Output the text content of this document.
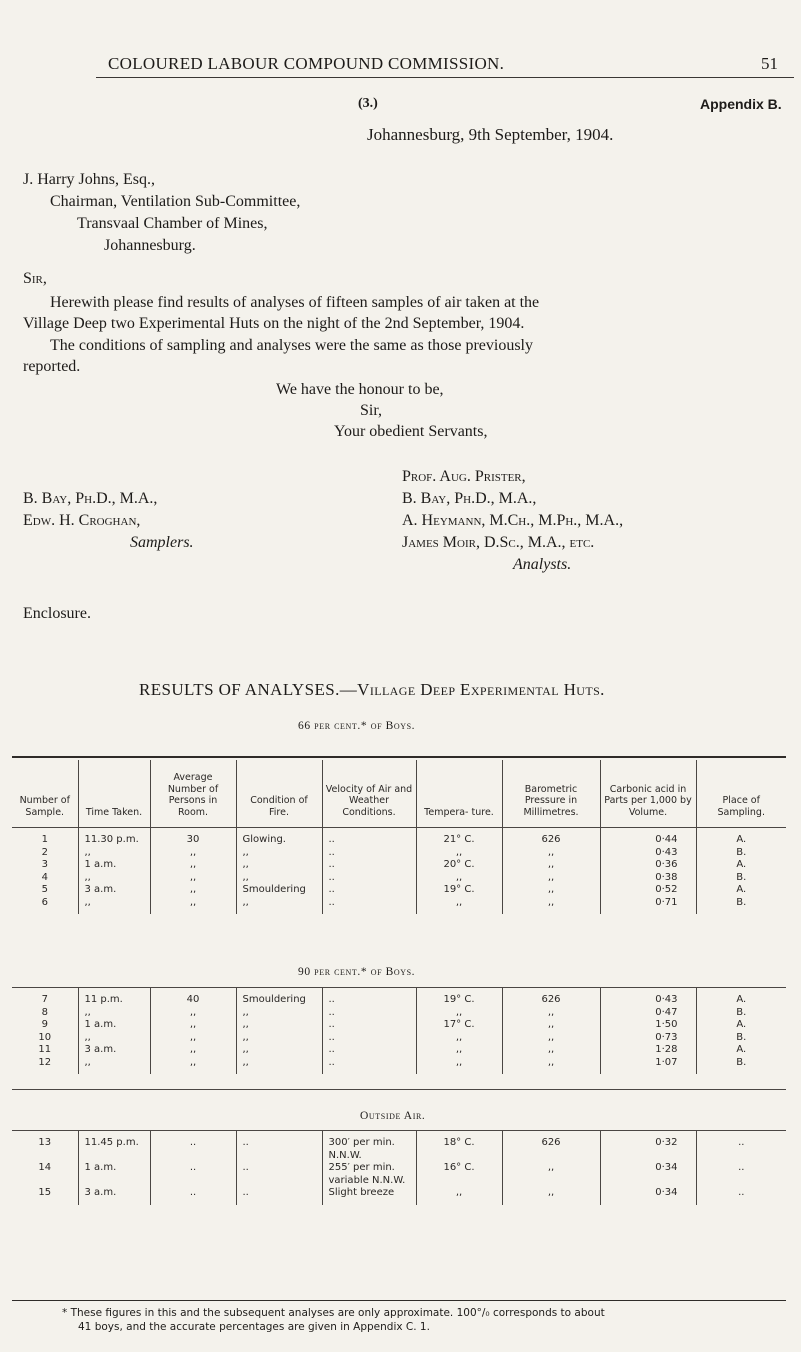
COLOURED LABOUR COMPOUND COMMISSION.	51
(3.)	Appendix B.
Johannesburg, 9th September, 1904.
J. Harry Johns, Esq.,
Chairman, Ventilation Sub-Committee,
Transvaal Chamber of Mines,
Johannesburg.
Sir,
Herewith please find results of analyses of fifteen samples of air taken at the
Village Deep two Experimental Huts on the night of the 2nd September, 1904.
The conditions of sampling and analyses were the same as those previously
reported.
We have the honour to be,
Sir,
Your obedient Servants,
Prof. Aug. Prister,
B. Bay, Ph.D., M.A.,	B. Bay, Ph.D., M.A.,
Edw. H. Croghan,	A. Heymann, M.Ch., M.Ph., M.A.,
Samplers.	James Moir, D.Sc., M.A., etc.
Analysts.
Enclosure.
RESULTS OF ANALYSES.—Village Deep Experimental Huts.
66 per cent.* of Boys.
Number of Sample.	Time Taken.	Average Number of Persons in Room.	Condition of Fire.	Velocity of Air and Weather Conditions.	Tempera- ture.	Barometric Pressure in Millimetres.	Carbonic acid in Parts per 1,000 by Volume.	Place of Sampling.

1	11.30 p.m.	30	Glowing.	..	21° C.	626	0·44	A.
2	,,	,,	,,	..	,,	,,	0·43	B.
3	1 a.m.	,,	,,	..	20° C.	,,	0·36	A.
4	,,	,,	,,	..	,,	,,	0·38	B.
5	3 a.m.	,,	Smouldering	..	19° C.	,,	0·52	A.
6	,,	,,	,,	..	,,	,,	0·71	B.
90 per cent.* of Boys.
7	11 p.m.	40	Smouldering	..	19° C.	626	0·43	A.
8	,,	,,	,,	..	,,	,,	0·47	B.
9	1 a.m.	,,	,,	..	17° C.	,,	1·50	A.
10	,,	,,	,,	..	,,	,,	0·73	B.
11	3 a.m.	,,	,,	..	,,	,,	1·28	A.
12	,,	,,	,,	..	,,	,,	1·07	B.
Outside Air.
13	11.45 p.m.	..	..	300′ per min. N.N.W.	18° C.	626	0·32	..
14	1 a.m.	..	..	255′ per min. variable N.N.W.	16° C.	,,	0·34	..
15	3 a.m.	..	..	Slight breeze	,,	,,	0·34	..
* These figures in this and the subsequent analyses are only approximate. 100°/₀ corresponds to about
41 boys, and the accurate percentages are given in Appendix C. 1.
